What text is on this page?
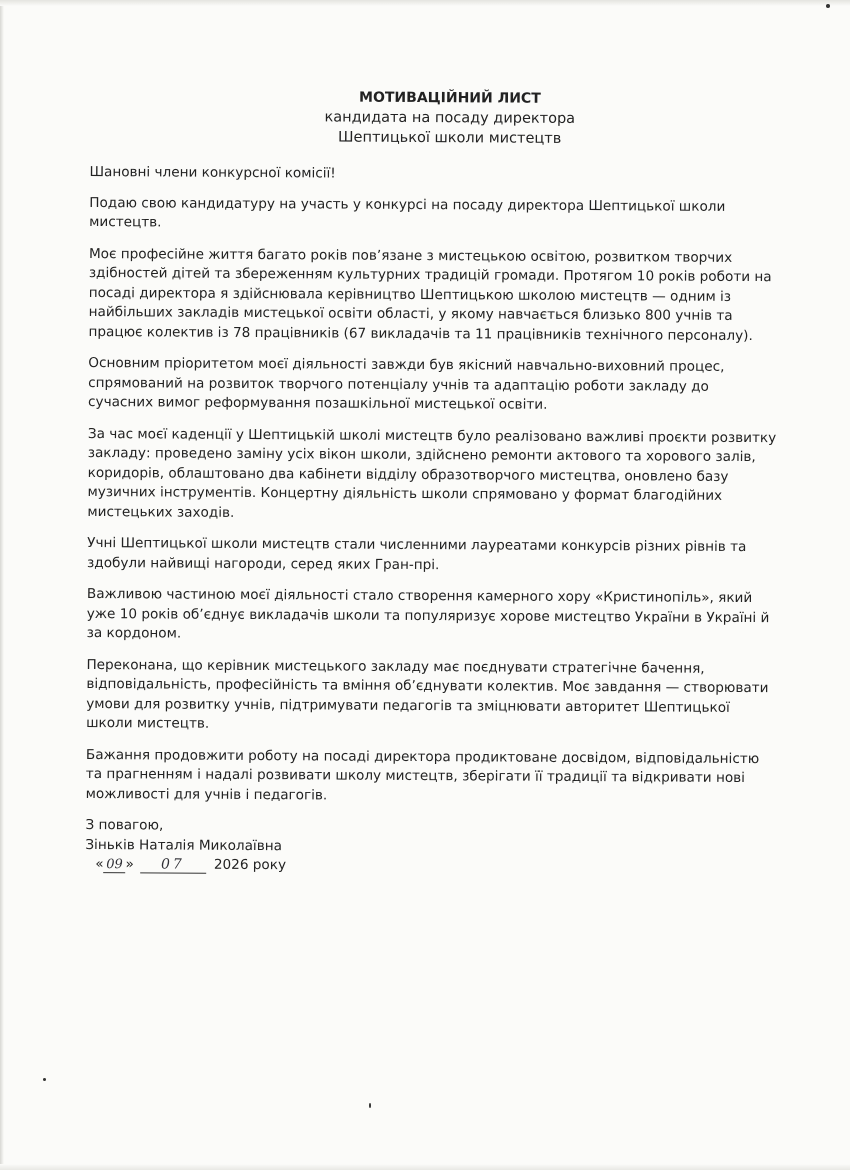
МОТИВАЦІЙНИЙ ЛИСТ
кандидата на посаду директора
Шептицької школи мистецтв

Шановні члени конкурсної комісії!

Подаю свою кандидатуру на участь у конкурсі на посаду директора Шептицької школи мистецтв.

Моє професійне життя багато років пов’язане з мистецькою освітою, розвитком творчих здібностей дітей та збереженням культурних традицій громади. Протягом 10 років роботи на посаді директора я здійснювала керівництво Шептицькою школою мистецтв — одним із найбільших закладів мистецької освіти області, у якому навчається близько 800 учнів та працює колектив із 78 працівників (67 викладачів та 11 працівників технічного персоналу).

Основним пріоритетом моєї діяльності завжди був якісний навчально-виховний процес, спрямований на розвиток творчого потенціалу учнів та адаптацію роботи закладу до сучасних вимог реформування позашкільної мистецької освіти.

За час моєї каденції у Шептицькій школі мистецтв було реалізовано важливі проєкти розвитку закладу: проведено заміну усіх вікон школи, здійснено ремонти актового та хорового залів, коридорів, облаштовано два кабінети відділу образотворчого мистецтва, оновлено базу музичних інструментів. Концертну діяльність школи спрямовано у формат благодійних мистецьких заходів.

Учні Шептицької школи мистецтв стали численними лауреатами конкурсів різних рівнів та здобули найвищі нагороди, серед яких Гран-прі.

Важливою частиною моєї діяльності стало створення камерного хору «Кристинопіль», який уже 10 років об’єднує викладачів школи та популяризує хорове мистецтво України в Україні й за кордоном.

Переконана, що керівник мистецького закладу має поєднувати стратегічне бачення, відповідальність, професійність та вміння об’єднувати колектив. Моє завдання — створювати умови для розвитку учнів, підтримувати педагогів та зміцнювати авторитет Шептицької школи мистецтв.

Бажання продовжити роботу на посаді директора продиктоване досвідом, відповідальністю та прагненням і надалі розвивати школу мистецтв, зберігати її традиції та відкривати нові можливості для учнів і педагогів.

З повагою,
Зіньків Наталія Миколаївна
« 09 »	07	2026 року
